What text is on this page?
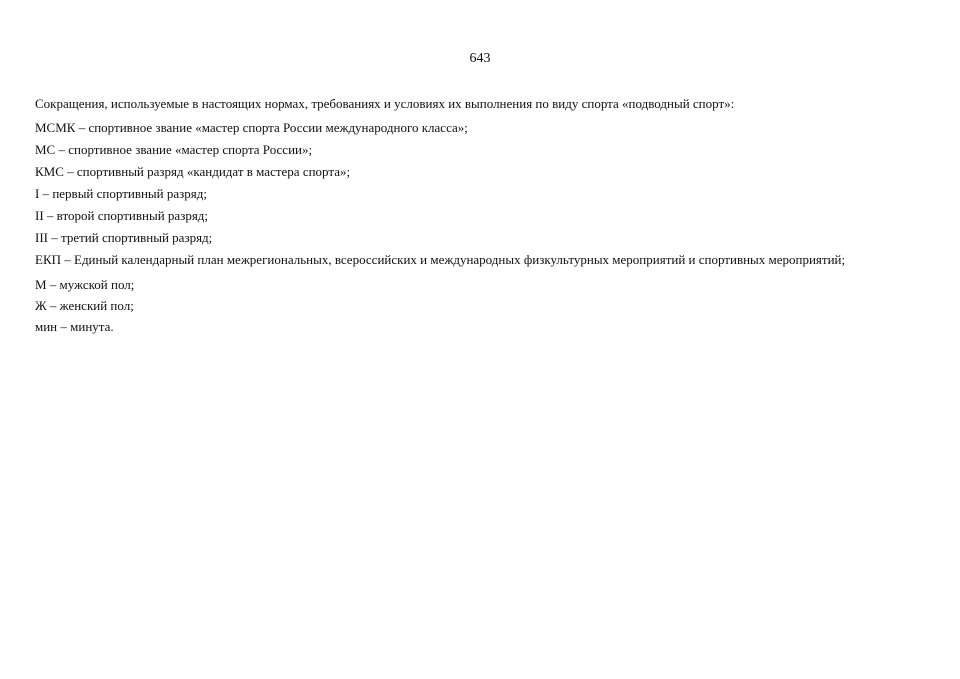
643

Сокращения, используемые в настоящих нормах, требованиях и условиях их выполнения по виду спорта «подводный спорт»:

МСМК – спортивное звание «мастер спорта России международного класса»;

МС – спортивное звание «мастер спорта России»;

КМС – спортивный разряд «кандидат в мастера спорта»;

I – первый спортивный разряд;

II – второй спортивный разряд;

III – третий спортивный разряд;

ЕКП – Единый календарный план межрегиональных, всероссийских и международных физкультурных мероприятий и спортивных мероприятий;

М – мужской пол;

Ж – женский пол;

мин – минута.
